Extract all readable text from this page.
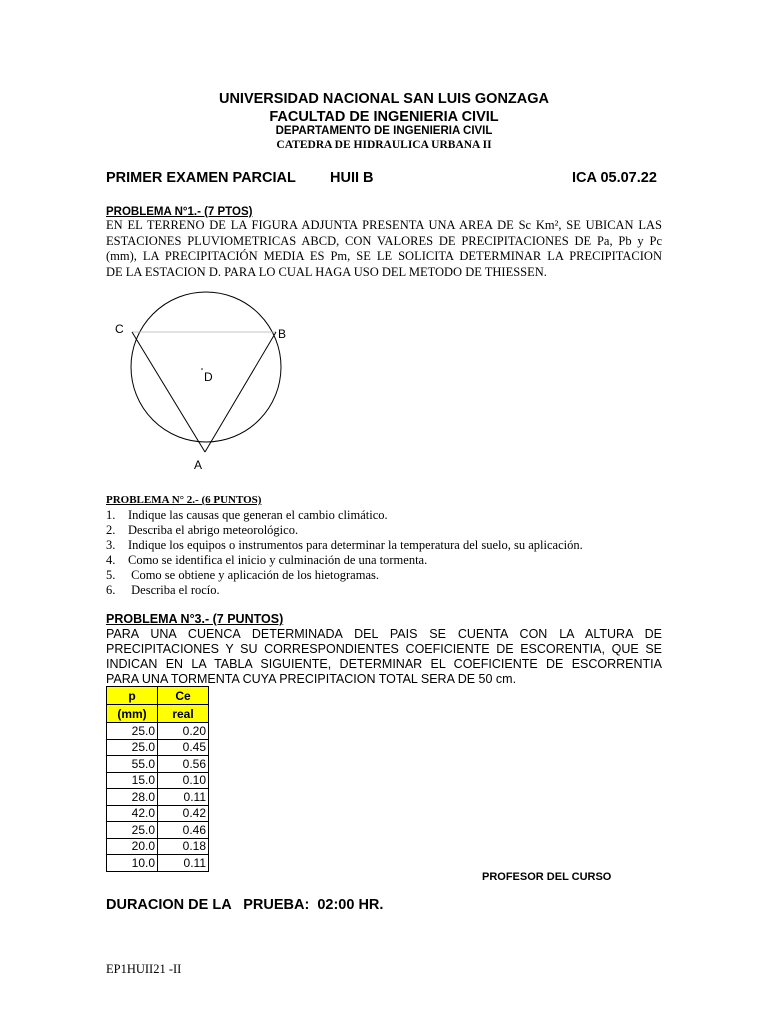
UNIVERSIDAD NACIONAL SAN LUIS GONZAGA
FACULTAD DE INGENIERIA CIVIL
DEPARTAMENTO DE INGENIERIA CIVIL
CATEDRA DE HIDRAULICA URBANA II
PRIMER EXAMEN PARCIAL HUII B	ICA 05.07.22
PROBLEMA N°1.- (7 PTOS)
EN EL TERRENO DE LA FIGURA ADJUNTA PRESENTA UNA AREA DE Sc Km², SE UBICAN LAS
ESTACIONES PLUVIOMETRICAS ABCD, CON VALORES DE PRECIPITACIONES DE Pa, Pb y Pc
(mm), LA PRECIPITACIÓN MEDIA ES Pm, SE LE SOLICITA DETERMINAR LA PRECIPITACION
DE LA ESTACION D. PARA LO CUAL HAGA USO DEL METODO DE THIESSEN.
C	B
D
A
PROBLEMA N° 2.- (6 PUNTOS)
1. Indique las causas que generan el cambio climático.
2. Describa el abrigo meteorológico.
3. Indique los equipos o instrumentos para determinar la temperatura del suelo, su aplicación.
4. Como se identifica el inicio y culminación de una tormenta.
5. Como se obtiene y aplicación de los hietogramas.
6. Describa el rocío.
PROBLEMA N°3.- (7 PUNTOS)
PARA UNA CUENCA DETERMINADA DEL PAIS SE CUENTA CON LA ALTURA DE
PRECIPITACIONES Y SU CORRESPONDIENTES COEFICIENTE DE ESCORENTIA, QUE SE
INDICAN EN LA TABLA SIGUIENTE, DETERMINAR EL COEFICIENTE DE ESCORRENTIA
PARA UNA TORMENTA CUYA PRECIPITACION TOTAL SERA DE 50 cm.
p	Ce
(mm)	real
25.0	0.20
25.0	0.45
55.0	0.56
15.0	0.10
28.0	0.11
42.0	0.42
25.0	0.46
20.0	0.18
10.0	0.11
PROFESOR DEL CURSO
DURACION DE LA   PRUEBA:  02:00 HR.
EP1HUII21 -II
